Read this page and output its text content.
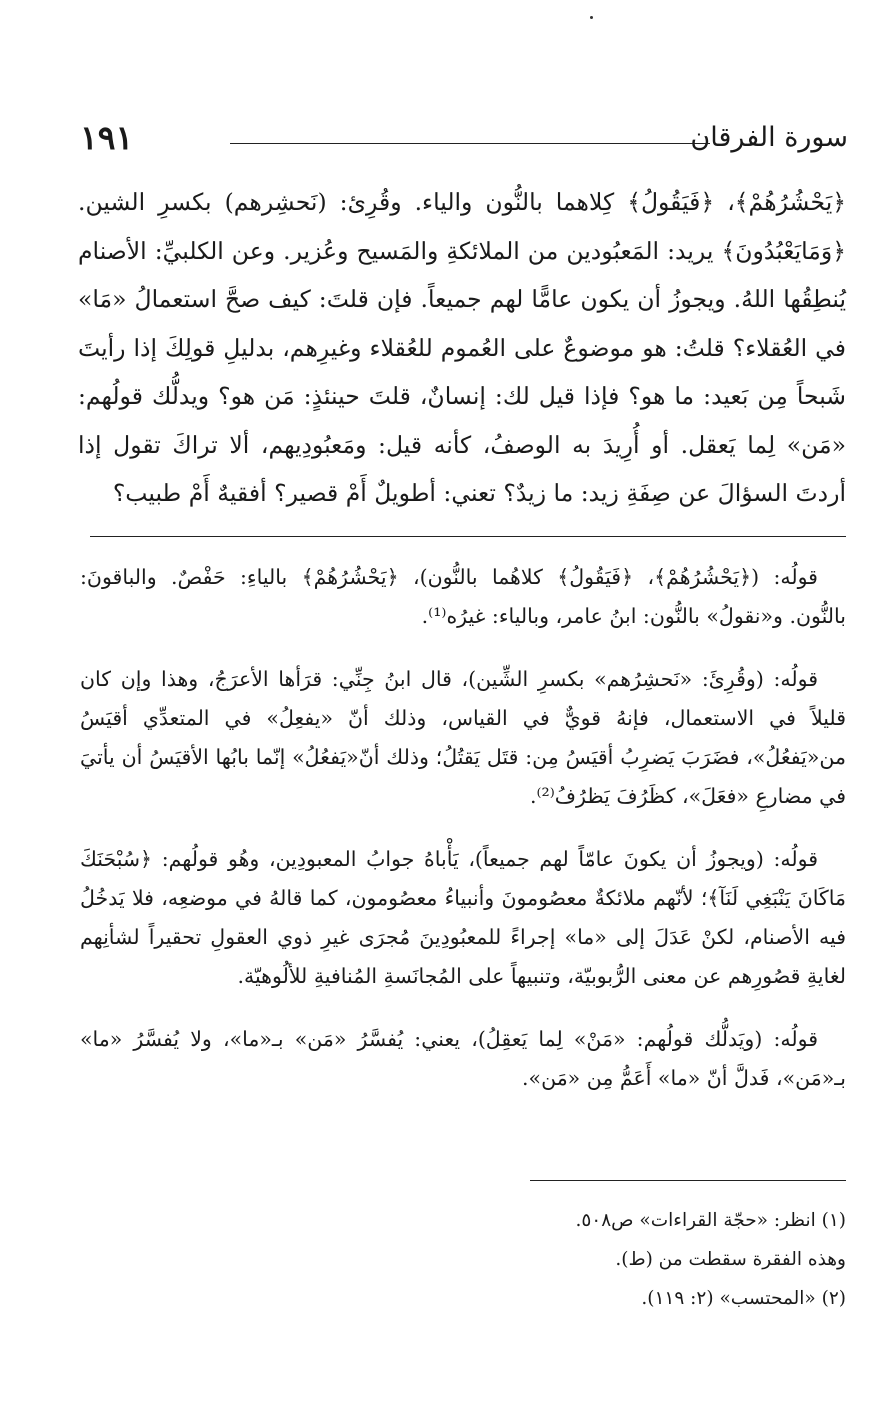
سورة الفرقان
١٩١

﴿يَحْشُرُهُمْ﴾، ﴿فَيَقُولُ﴾ كِلاهما بالنُّون والياء. وقُرِئ: (نَحشِرهم) بكسرِ الشين. ﴿وَمَايَعْبُدُونَ﴾ يريد: المَعبُودين من الملائكةِ والمَسيح وعُزير. وعن الكلبيِّ: الأصنام يُنطِقُها اللهُ. ويجوزُ أن يكون عامًّا لهم جميعاً. فإن قلتَ: كيف صحَّ استعمالُ «مَا» في العُقلاء؟ قلتُ: هو موضوعٌ على العُموم للعُقلاء وغيرِهم، بدليلِ قولِكَ إذا رأيتَ شَبحاً مِن بَعيد: ما هو؟ فإذا قيل لك: إنسانٌ، قلتَ حينئذٍ: مَن هو؟ ويدلُّك قولُهم: «مَن» لِما يَعقل. أو أُرِيدَ به الوصفُ، كأنه قيل: ومَعبُودِيهم، ألا تراكَ تقول إذا أردتَ السؤالَ عن صِفَةِ زيد: ما زيدٌ؟ تعني: أطويلٌ أَمْ قصير؟ أفقيهٌ أَمْ طبيب؟

قولُه: (﴿يَحْشُرُهُمْ﴾، ﴿فَيَقُولُ﴾ كلاهُما بالنُّون)، ﴿يَحْشُرُهُمْ﴾ بالياءِ: حَفْصٌ. والباقونَ: بالنُّون. و«نقولُ» بالنُّون: ابنُ عامر، وبالياء: غيرُه⁽¹⁾.

قولُه: (وقُرِئَ: «نَحشِرُهم» بكسرِ الشِّين)، قال ابنُ جِنِّي: قرَأها الأعرَجُ، وهذا وإن كان قليلاً في الاستعمال، فإنهُ قويٌّ في القياس، وذلك أنّ «يفعِلُ» في المتعدِّي أقيَسُ من«يَفعُلُ»، فضَرَبَ يَضرِبُ أقيَسُ مِن: قتَل يَقتُلُ؛ وذلك أنّ«يَفعُلُ» إنّما بابُها الأقيَسُ أن يأتيَ في مضارعِ «فعَلَ»، كظَرُفَ يَظرُفُ⁽²⁾.

قولُه: (ويجوزُ أن يكونَ عامّاً لهم جميعاً)، يَأْباهُ جوابُ المعبودِين، وهُو قولُهم: ﴿سُبْحَنَكَ مَاكَانَ يَنْبَغِي لَنَآ﴾؛ لأنّهم ملائكةٌ معصُومونَ وأنبياءُ معصُومون، كما قالهُ في موضعِه، فلا يَدخُلُ فيه الأصنام، لكنْ عَدَلَ إلى «ما» إجراءً للمعبُودِينَ مُجرَى غيرِ ذوي العقولِ تحقيراً لشأنِهم لغايةِ قصُورِهم عن معنى الرُّبوبيّة، وتنبيهاً على المُجانَسةِ المُنافيةِ للألُوهيّة.

قولُه: (ويَدلُّك قولُهم: «مَنْ» لِما يَعقِلُ)، يعني: يُفسَّرُ «مَن» بـ«ما»، ولا يُفسَّرُ «ما» بـ«مَن»، فَدلَّ أنّ «ما» أَعَمُّ مِن «مَن».

(١) انظر: «حجّة القراءات» ص٥٠٨.

وهذه الفقرة سقطت من (ط).

(٢) «المحتسب» (٢: ١١٩).
